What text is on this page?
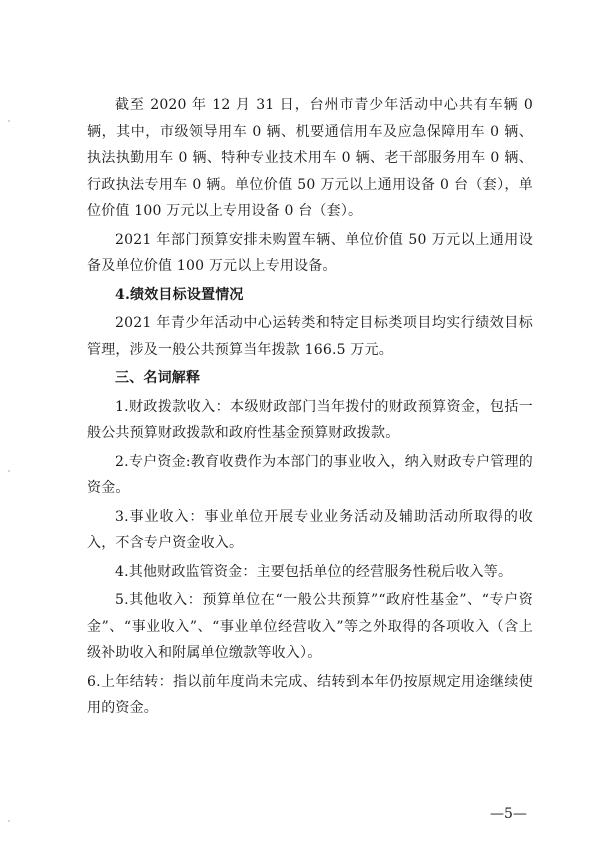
截至 2020 年 12 月 31 日，台州市青少年活动中心共有车辆 0 辆，其中，市级领导用车 0 辆、机要通信用车及应急保障用车 0 辆、执法执勤用车 0 辆、特种专业技术用车 0 辆、老干部服务用车 0 辆、行政执法专用车 0 辆。单位价值 50 万元以上通用设备 0 台（套），单位价值 100 万元以上专用设备 0 台（套）。

2021 年部门预算安排未购置车辆、单位价值 50 万元以上通用设备及单位价值 100 万元以上专用设备。

4.绩效目标设置情况

2021 年青少年活动中心运转类和特定目标类项目均实行绩效目标管理，涉及一般公共预算当年拨款 166.5 万元。

三、名词解释

1.财政拨款收入：本级财政部门当年拨付的财政预算资金，包括一般公共预算财政拨款和政府性基金预算财政拨款。

2.专户资金:教育收费作为本部门的事业收入，纳入财政专户管理的资金。

3.事业收入：事业单位开展专业业务活动及辅助活动所取得的收入，不含专户资金收入。

4.其他财政监管资金：主要包括单位的经营服务性税后收入等。

5.其他收入：预算单位在“一般公共预算”“政府性基金”、“专户资金”、“事业收入”、“事业单位经营收入”等之外取得的各项收入（含上级补助收入和附属单位缴款等收入）。

6.上年结转：指以前年度尚未完成、结转到本年仍按原规定用途继续使用的资金。

—5—
